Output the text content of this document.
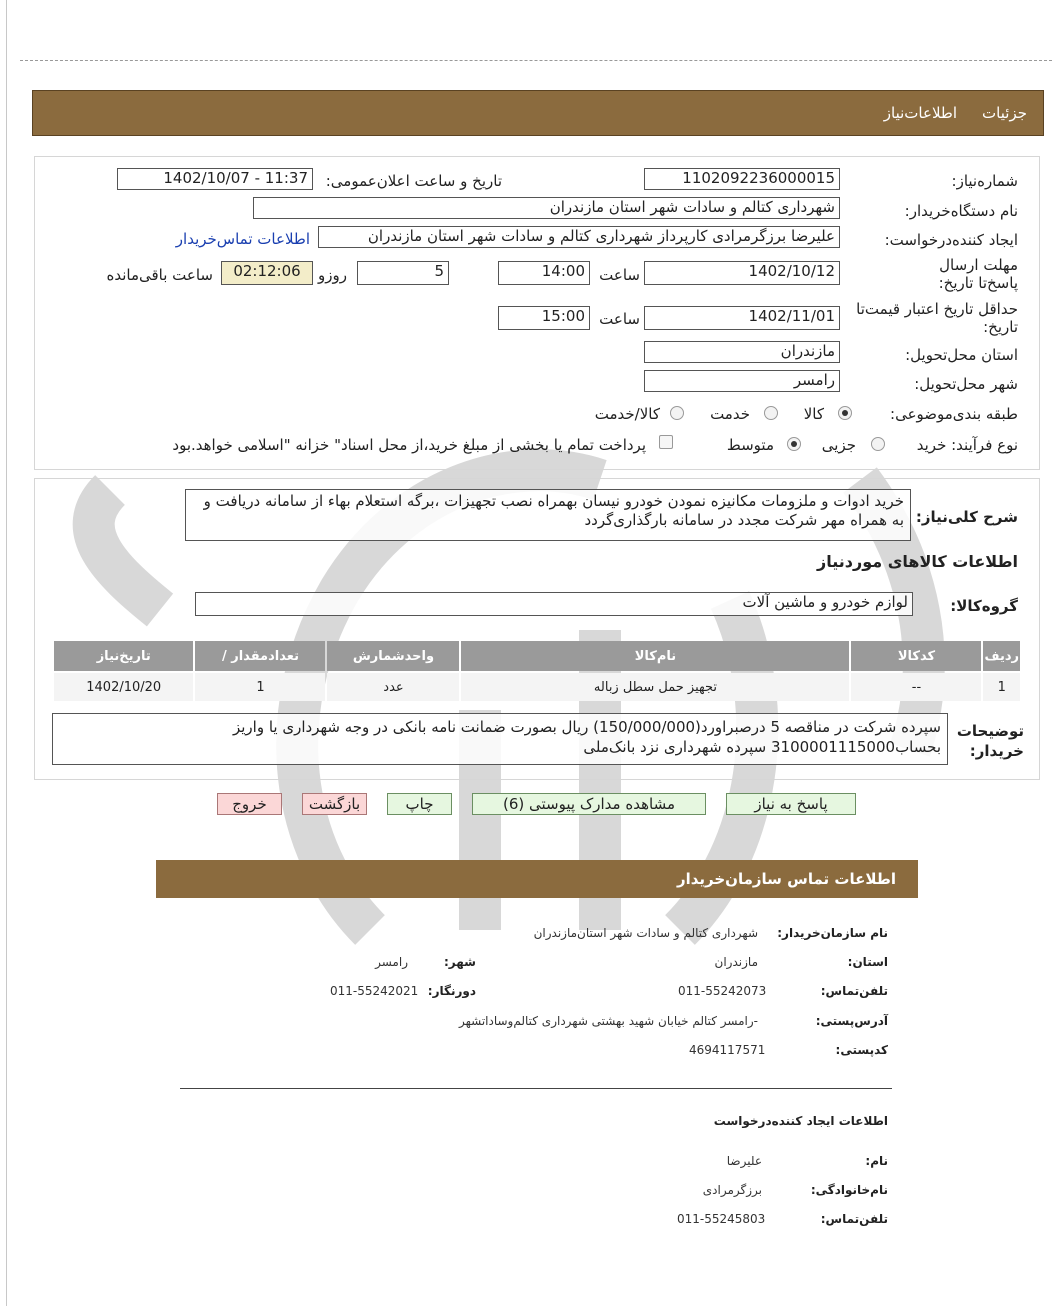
جزئيات
اطلاعات‌نیاز
شماره‌نیاز:
1102092236000015
تاریخ و ساعت اعلان‌عمومی:
1402/10/07 - 11:37
نام دستگاه‌خریدار:
شهرداری کتالم و سادات شهر استان مازندران
ایجاد کننده‌درخواست:
علیرضا برزگرمرادی کارپرداز شهرداری کتالم و سادات شهر استان مازندران
اطلاعات تماس‌خریدار
مهلت ارسال پاسخ‌تا تاریخ:
1402/10/12
ساعت
14:00
5
روزو
02:12:06
ساعت باقی‌مانده
حداقل تاریخ اعتبار قیمت‌تا تاریخ:
1402/11/01
ساعت
15:00
استان محل‌تحویل:
مازندران
شهر محل‌تحویل:
رامسر
طبقه بندی‌موضوعی:
کالا
خدمت
کالا/خدمت
نوع فرآیند: خرید
جزیی
متوسط
پرداخت تمام یا بخشی از مبلغ خرید،از محل اسناد" خزانه "اسلامی خواهد.بود
شرح کلی‌نیاز:
خرید ادوات و ملزومات مکانیزه نمودن خودرو نیسان بهمراه نصب تجهیزات ،برگه استعلام بهاء از سامانه دریافت و به همراه مهر شرکت مجدد در سامانه بارگذاری‌گردد
اطلاعات کالاهای موردنیاز
گروه‌کالا:
لوازم خودرو و ماشین آلات
ردیف	کدکالا	نام‌کالا	واحدشمارش	تعدادمقدار /	تاریخ‌نیاز
1	--	تجهیز حمل سطل زباله	عدد	1	1402/10/20
توضیحات خریدار:
سپرده شرکت در مناقصه 5 درصبراورد(150/000/000) ریال بصورت ضمانت نامه بانکی در وجه شهرداری یا واریز بحساب3100001115000 سپرده شهرداری نزد بانک‌ملی
پاسخ به نیاز
مشاهده مدارک پیوستی (6)
چاپ
بازگشت
خروج
اطلاعات تماس سازمان‌خریدار
نام سازمان‌خریدار:
شهرداری کتالم و سادات شهر استان‌مازندران
استان:
مازندران
شهر:
رامسر
تلفن‌تماس:
011-55242073
دورنگار:
011-55242021
آدرس‌پستی:
-رامسر کتالم خیابان شهید بهشتی شهرداری کتالم‌وساداتشهر
کدپستی:
4694117571
اطلاعات ایجاد کننده‌درخواست
نام:
علیرضا
نام‌خانوادگی:
برزگرمرادی
تلفن‌تماس:
011-55245803
